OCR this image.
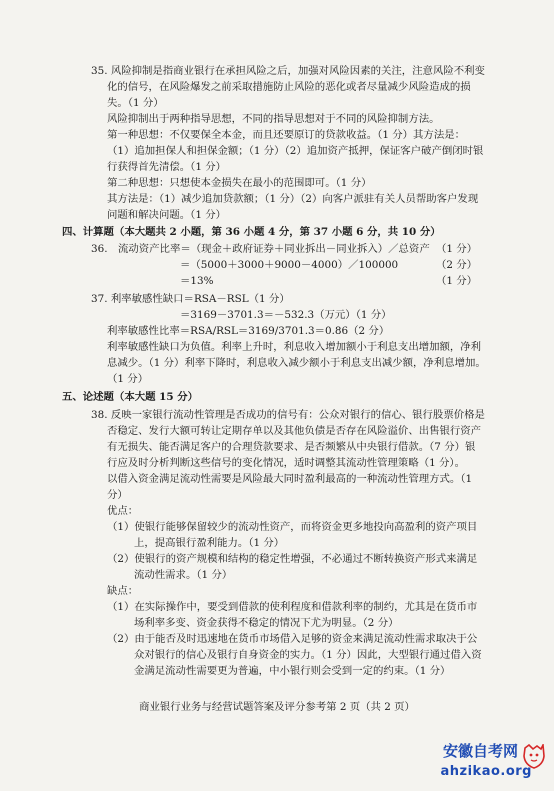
35. 风险抑制是指商业银行在承担风险之后，加强对风险因素的关注，注意风险不利变
化的信号，在风险爆发之前采取措施防止风险的恶化或者尽量减少风险造成的损
失。（1 分）
风险抑制出于两种指导思想，不同的指导思想对于不同的风险抑制方法。
第一种思想：不仅要保全本金，而且还要原订的贷款收益。（1 分）其方法是：
（1）追加担保人和担保金额；（1 分）（2）追加资产抵押，保证客户破产倒闭时银
行获得首先清偿。（1 分）
第二种思想：只想使本金损失在最小的范围即可。（1 分）
其方法是：（1）减少追加贷款额；（1 分）（2）向客户派驻有关人员帮助客户发现
问题和解决问题。（1 分）
四、计算题（本大题共 2 小题，第 36 小题 4 分，第 37 小题 6 分，共 10 分）
36. 流动资产比率＝（现金＋政府证券＋同业拆出－同业拆入）／总资产 （1 分）
＝（5000＋3000＋9000－4000）／100000	（2 分）
＝13%	（1 分）
37. 利率敏感性缺口＝RSA－RSL（1 分）
＝3169－3701.3＝－532.3（万元）（1 分）
利率敏感性比率＝RSA/RSL＝3169/3701.3＝0.86（2 分）
利率敏感性缺口为负值。利率上升时，利息收入增加额小于利息支出增加额，净利
息减少。（1 分）利率下降时，利息收入减少额小于利息支出减少额，净利息增加。
（1 分）
五、论述题（本大题 15 分）
38. 反映一家银行流动性管理是否成功的信号有：公众对银行的信心、银行股票价格是
否稳定、发行大额可转让定期存单以及其他负债是否存在风险溢价、出售银行资产
有无损失、能否满足客户的合理贷款要求、是否频繁从中央银行借款。（7 分）银
行应及时分析判断这些信号的变化情况，适时调整其流动性管理策略（1 分）。
以借入资金满足流动性需要是风险最大同时盈利最高的一种流动性管理方式。（1
分）
优点：
（1）使银行能够保留较少的流动性资产，而将资金更多地投向高盈利的资产项目
上，提高银行盈利能力。（1 分）
（2）使银行的资产规模和结构的稳定性增强，不必通过不断转换资产形式来满足
流动性需求。（1 分）
缺点：
（1）在实际操作中，要受到借款的使利程度和借款利率的制约，尤其是在货币市
场利率多变、资金获得不稳定的情况下尤为明显。（2 分）
（2）由于能否及时迅速地在货币市场借入足够的资金来满足流动性需求取决于公
众对银行的信心及银行自身资金的实力。（1 分）因此，大型银行通过借入资
金满足流动性需要更为普遍，中小银行则会受到一定的约束。（1 分）
商业银行业务与经营试题答案及评分参考第 2 页（共 2 页）
安徽自考网
ahzikao.org
